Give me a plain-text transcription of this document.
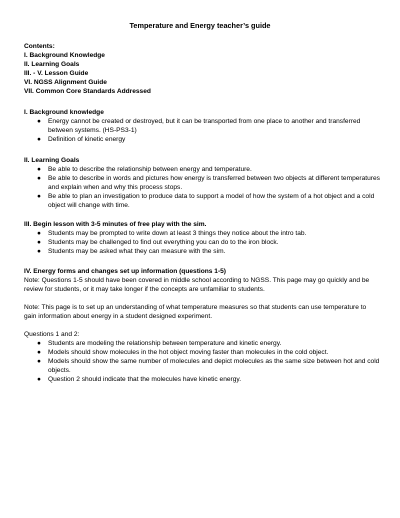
Temperature and Energy teacher’s guide
Contents:
I. Background Knowledge
II. Learning Goals
III. - V. Lesson Guide
VI. NGSS Alignment Guide
VII. Common Core Standards Addressed
I. Background knowledge
● Energy cannot be created or destroyed, but it can be transported from one place to another and transferred between systems. (HS-PS3-1)
● Definition of kinetic energy
II. Learning Goals
● Be able to describe the relationship between energy and temperature.
● Be able to describe in words and pictures how energy is transferred between two objects at different temperatures and explain when and why this process stops.
● Be able to plan an investigation to produce data to support a model of how the system of a hot object and a cold object will change with time.
III. Begin lesson with 3-5 minutes of free play with the sim.
● Students may be prompted to write down at least 3 things they notice about the intro tab.
● Students may be challenged to find out everything you can do to the iron block.
● Students may be asked what they can measure with the sim.
IV. Energy forms and changes set up information (questions 1-5)
Note: Questions 1-5 should have been covered in middle school according to NGSS. This page may go quickly and be review for students, or it may take longer if the concepts are unfamiliar to students.
Note: This page is to set up an understanding of what temperature measures so that students can use temperature to gain information about energy in a student designed experiment.
Questions 1 and 2:
● Students are modeling the relationship between temperature and kinetic energy.
● Models should show molecules in the hot object moving faster than molecules in the cold object.
● Models should show the same number of molecules and depict molecules as the same size between hot and cold objects.
● Question 2 should indicate that the molecules have kinetic energy.
